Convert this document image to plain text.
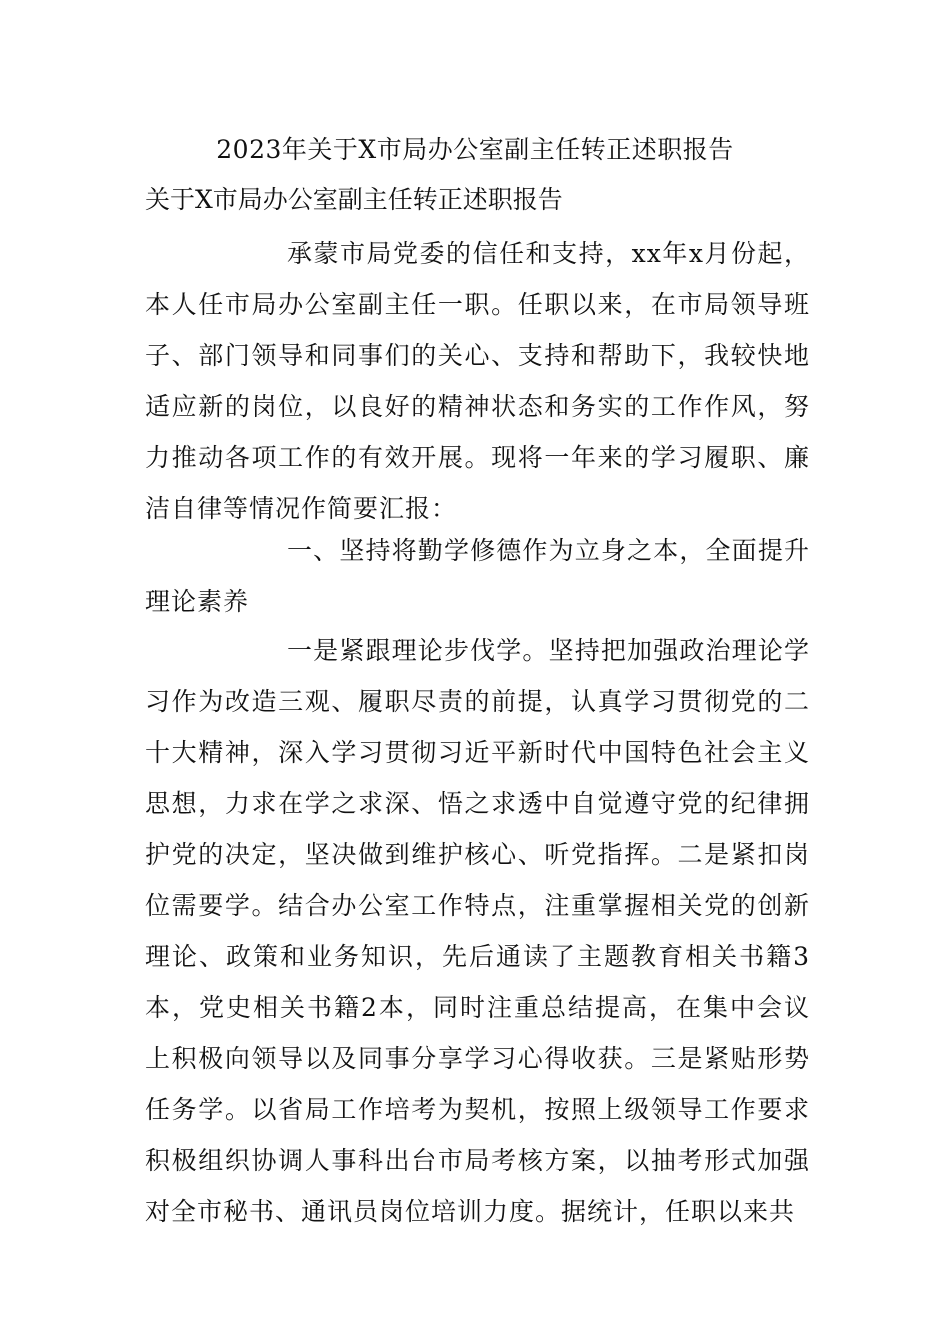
2023年关于X市局办公室副主任转正述职报告
关于X市局办公室副主任转正述职报告

承蒙市局党委的信任和支持，xx年x月份起，本人任市局办公室副主任一职。任职以来，在市局领导班子、部门领导和同事们的关心、支持和帮助下，我较快地适应新的岗位，以良好的精神状态和务实的工作作风，努力推动各项工作的有效开展。现将一年来的学习履职、廉洁自律等情况作简要汇报：

一、坚持将勤学修德作为立身之本，全面提升理论素养

一是紧跟理论步伐学。坚持把加强政治理论学习作为改造三观、履职尽责的前提，认真学习贯彻党的二十大精神，深入学习贯彻习近平新时代中国特色社会主义思想，力求在学之求深、悟之求透中自觉遵守党的纪律拥护党的决定，坚决做到维护核心、听党指挥。二是紧扣岗位需要学。结合办公室工作特点，注重掌握相关党的创新理论、政策和业务知识，先后通读了主题教育相关书籍3本，党史相关书籍2本，同时注重总结提高，在集中会议上积极向领导以及同事分享学习心得收获。三是紧贴形势任务学。以省局工作培考为契机，按照上级领导工作要求积极组织协调人事科出台市局考核方案，以抽考形式加强对全市秘书、通讯员岗位培训力度。据统计，任职以来共
